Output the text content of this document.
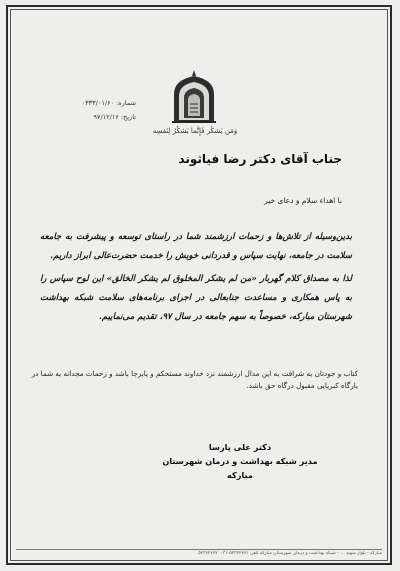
وَمَن یَشکُر فَإِنَّما یَشکُرُ لِنَفسِه
شماره: ۰۳۳۳/۰۱/۶۰
تاریخ: ۹۷/۱۲/۱۶
جناب آقای دکتر رضا فیاثوند
با اهداء سلام و دعای خیر

بدین‌وسیله از تلاش‌ها و زحمات ارزشمند شما در راستای توسعه و پیشرفت به جامعه سلامت در جامعه، نهایت سپاس و قدردانی خویش را خدمت حضرت‌عالی ابراز داریم.

لذا به مصداق کلام گهربار «من لم یشکر المخلوق لم یشکر الخالق» این لوح سپاس را به پاس همکاری و مساعدت جنابعالی در اجرای برنامه‌های سلامت شبکه بهداشت شهرستان مبارکه، خصوصاً به سهم جامعه در سال ۹۷، تقدیم می‌نماییم.

کتاب و جودتان به شرافت به این مدال ارزشمند نزد خداوند مستحکم و پابرجا باشد و زحمات مجدانه به شما در بارگاه کبریایی مقبول درگاه حق باشد.
دکتر علی پارسا
مدیر شبکه بهداشت و درمان شهرستان مبارکه
مبارکه - بلوار شهید … - شبکه بهداشت و درمان شهرستان مبارکه تلفن ۵۲۳۷۲۷۷۱-۰۳۱ ‌ ۵۲۳۷۲۷۷۷
